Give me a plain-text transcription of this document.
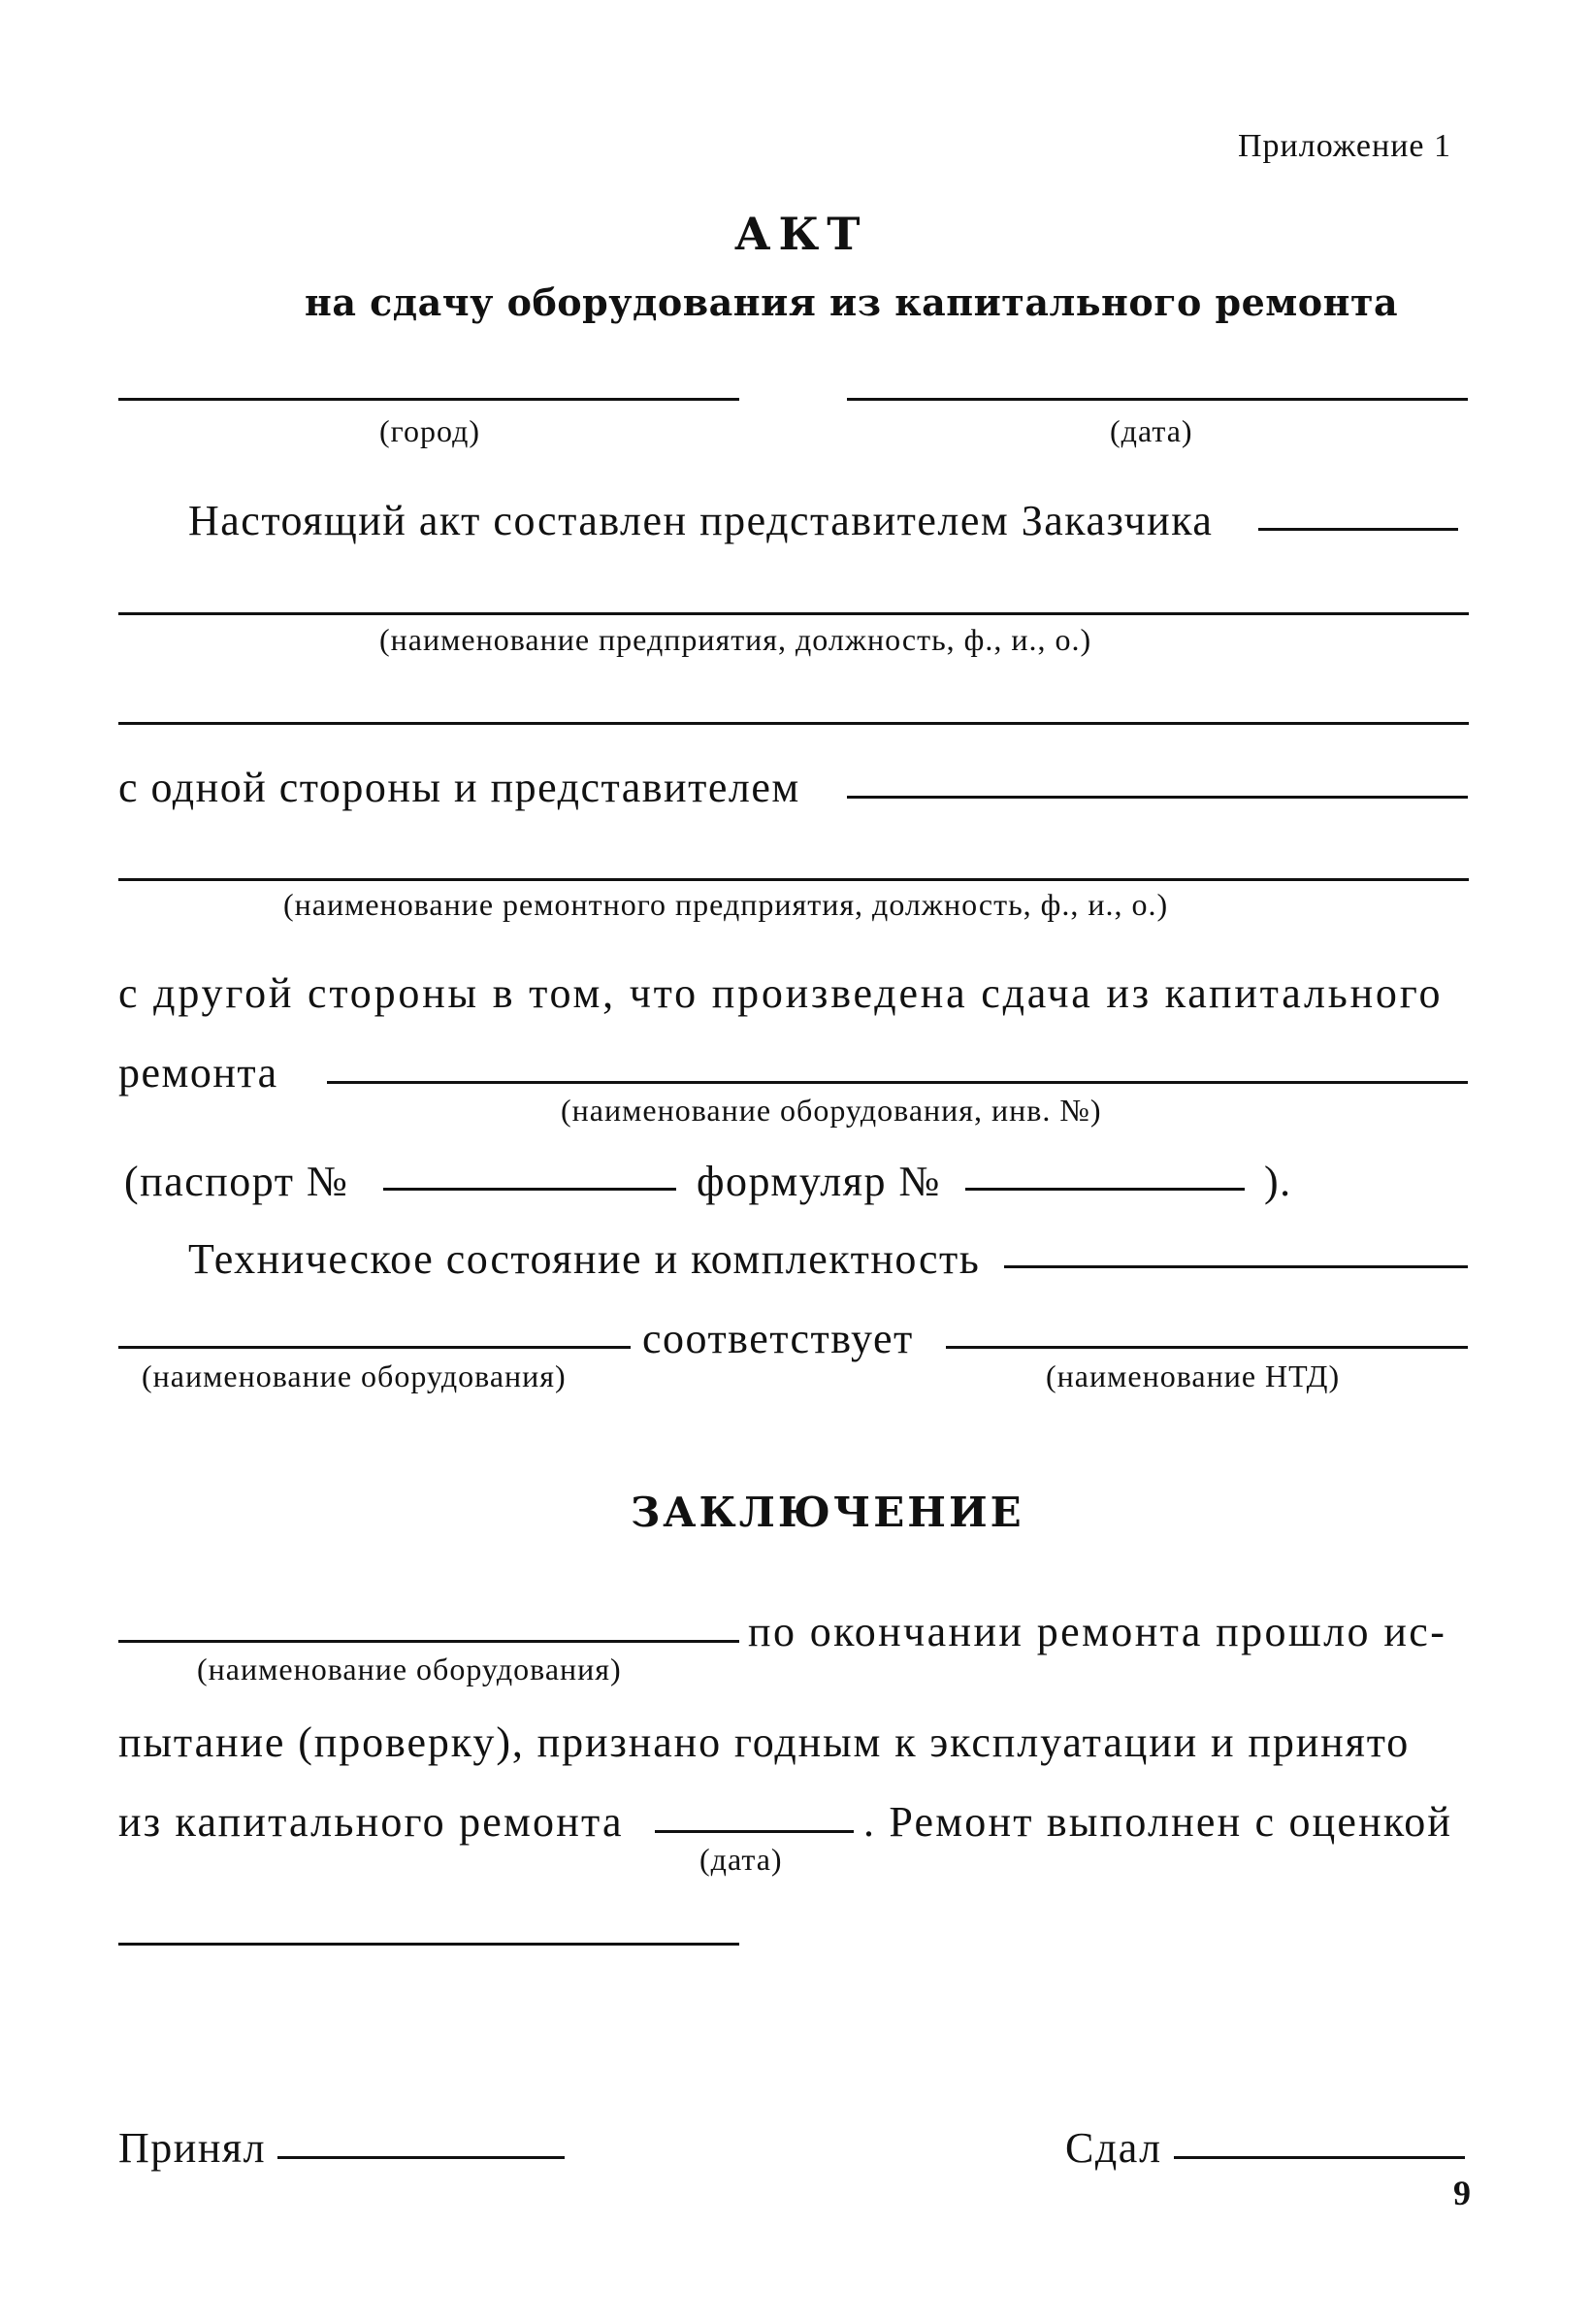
Приложение 1
АКТ
на сдачу оборудования из капитального ремонта
(город)	(дата)
Настоящий акт составлен представителем Заказчика
(наименование предприятия, должность, ф., и., о.)
с одной стороны и представителем
(наименование ремонтного предприятия, должность, ф., и., о.)
с другой стороны в том, что произведена сдача из капитального
ремонта
(наименование оборудования, инв. №)
(паспорт №	формуляр №	).
Техническое состояние и комплектность
соответствует
(наименование оборудования)	(наименование НТД)
ЗАКЛЮЧЕНИЕ
по окончании ремонта прошло ис-
(наименование оборудования)
пытание (проверку), признано годным к эксплуатации и принято
из капитального ремонта	. Ремонт выполнен с оценкой
(дата)
Принял	Сдал
9
